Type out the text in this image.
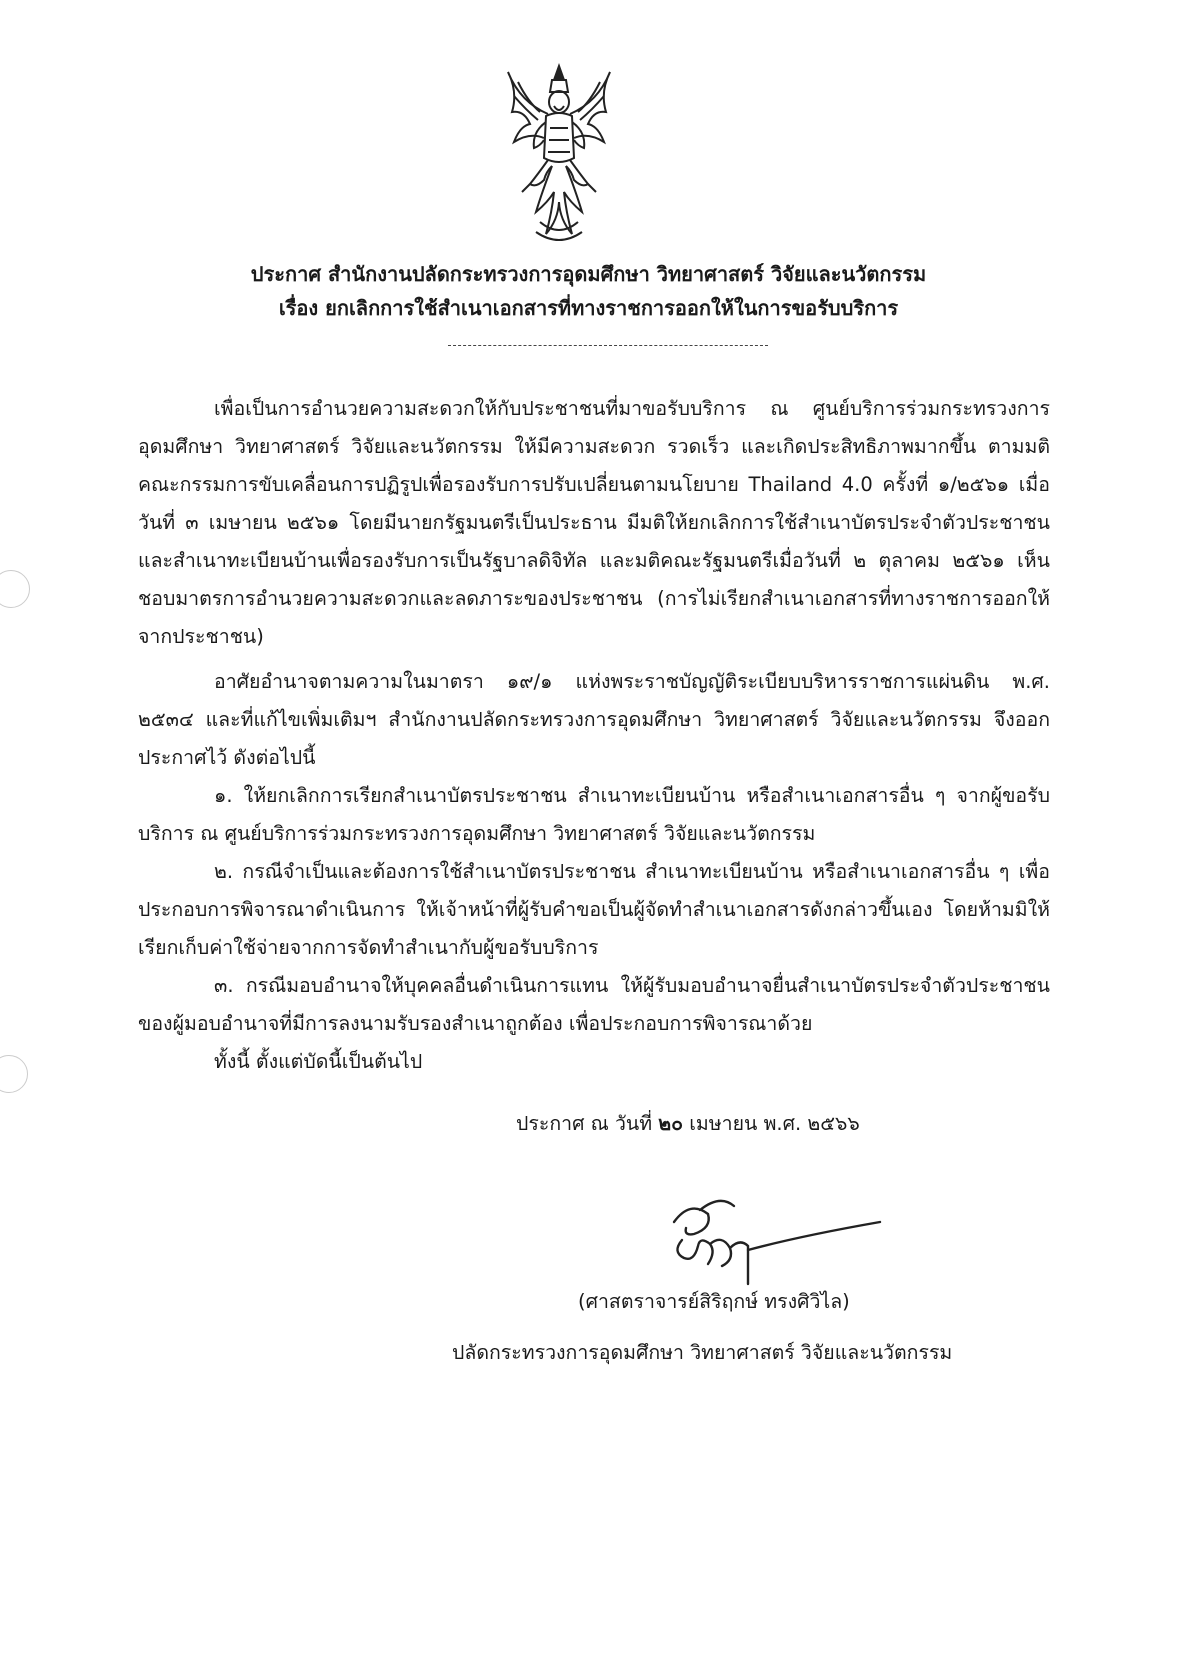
ประกาศ สำนักงานปลัดกระทรวงการอุดมศึกษา วิทยาศาสตร์ วิจัยและนวัตกรรม
เรื่อง ยกเลิกการใช้สำเนาเอกสารที่ทางราชการออกให้ในการขอรับบริการ

เพื่อเป็นการอำนวยความสะดวกให้กับประชาชนที่มาขอรับบริการ ณ ศูนย์บริการร่วมกระทรวงการอุดมศึกษา วิทยาศาสตร์ วิจัยและนวัตกรรม ให้มีความสะดวก รวดเร็ว และเกิดประสิทธิภาพมากขึ้น ตามมติคณะกรรมการขับเคลื่อนการปฏิรูปเพื่อรองรับการปรับเปลี่ยนตามนโยบาย Thailand 4.0 ครั้งที่ ๑/๒๕๖๑ เมื่อวันที่ ๓ เมษายน ๒๕๖๑ โดยมีนายกรัฐมนตรีเป็นประธาน มีมติให้ยกเลิกการใช้สำเนาบัตรประจำตัวประชาชนและสำเนาทะเบียนบ้านเพื่อรองรับการเป็นรัฐบาลดิจิทัล และมติคณะรัฐมนตรีเมื่อวันที่ ๒ ตุลาคม ๒๕๖๑ เห็นชอบมาตรการอำนวยความสะดวกและลดภาระของประชาชน (การไม่เรียกสำเนาเอกสารที่ทางราชการออกให้จากประชาชน)

อาศัยอำนาจตามความในมาตรา ๑๙/๑ แห่งพระราชบัญญัติระเบียบบริหารราชการแผ่นดิน พ.ศ. ๒๕๓๔ และที่แก้ไขเพิ่มเติมฯ สำนักงานปลัดกระทรวงการอุดมศึกษา วิทยาศาสตร์ วิจัยและนวัตกรรม จึงออกประกาศไว้ ดังต่อไปนี้

๑. ให้ยกเลิกการเรียกสำเนาบัตรประชาชน สำเนาทะเบียนบ้าน หรือสำเนาเอกสารอื่น ๆ จากผู้ขอรับบริการ ณ ศูนย์บริการร่วมกระทรวงการอุดมศึกษา วิทยาศาสตร์ วิจัยและนวัตกรรม

๒. กรณีจำเป็นและต้องการใช้สำเนาบัตรประชาชน สำเนาทะเบียนบ้าน หรือสำเนาเอกสารอื่น ๆ เพื่อประกอบการพิจารณาดำเนินการ ให้เจ้าหน้าที่ผู้รับคำขอเป็นผู้จัดทำสำเนาเอกสารดังกล่าวขึ้นเอง โดยห้ามมิให้เรียกเก็บค่าใช้จ่ายจากการจัดทำสำเนากับผู้ขอรับบริการ

๓. กรณีมอบอำนาจให้บุคคลอื่นดำเนินการแทน ให้ผู้รับมอบอำนาจยื่นสำเนาบัตรประจำตัวประชาชนของผู้มอบอำนาจที่มีการลงนามรับรองสำเนาถูกต้อง เพื่อประกอบการพิจารณาด้วย

ทั้งนี้ ตั้งแต่บัดนี้เป็นต้นไป
ประกาศ ณ วันที่ ๒๐ เมษายน พ.ศ. ๒๕๖๖
(ศาสตราจารย์สิริฤกษ์ ทรงศิวิไล)
ปลัดกระทรวงการอุดมศึกษา วิทยาศาสตร์ วิจัยและนวัตกรรม
